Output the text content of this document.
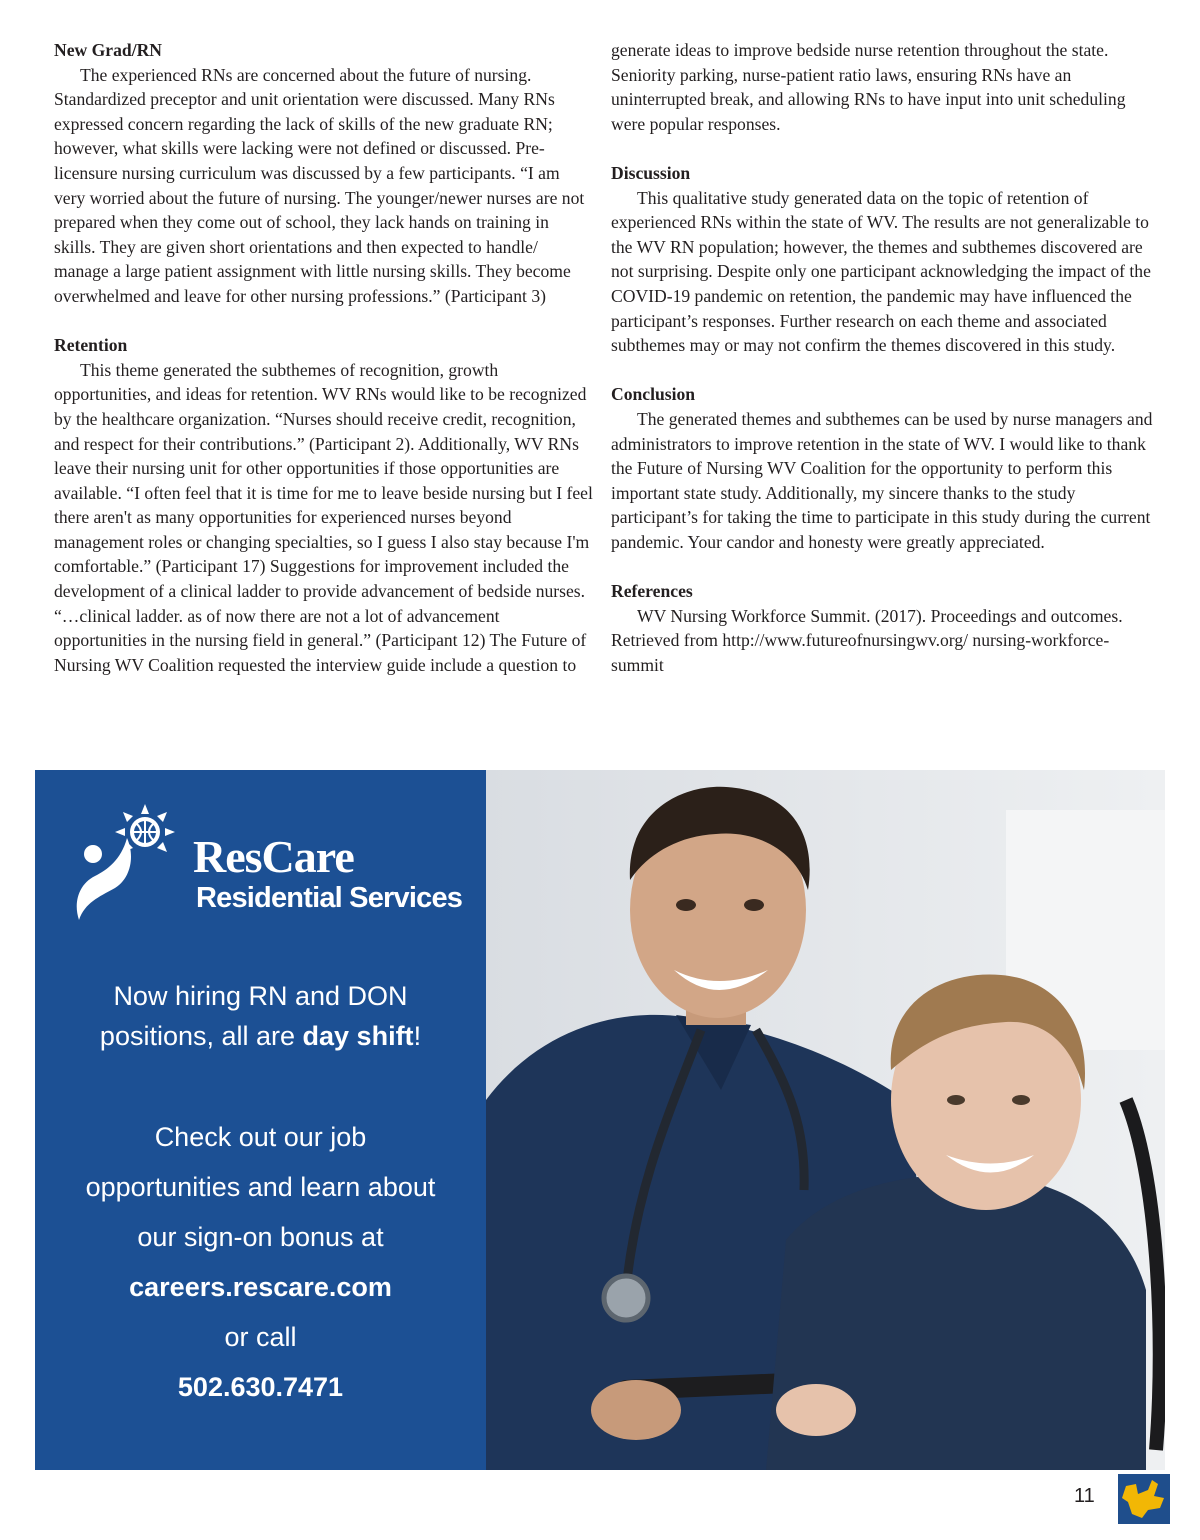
New Grad/RN

The experienced RNs are concerned about the future of nursing. Standardized preceptor and unit orientation were discussed. Many RNs expressed concern regarding the lack of skills of the new graduate RN; however, what skills were lacking were not defined or discussed. Pre-licensure nursing curriculum was discussed by a few participants. “I am very worried about the future of nursing. The younger/newer nurses are not prepared when they come out of school, they lack hands on training in skills. They are given short orientations and then expected to handle/ manage a large patient assignment with little nursing skills. They become overwhelmed and leave for other nursing professions.” (Participant 3)

Retention

This theme generated the subthemes of recognition, growth opportunities, and ideas for retention. WV RNs would like to be recognized by the healthcare organization. “Nurses should receive credit, recognition, and respect for their contributions.” (Participant 2). Additionally, WV RNs leave their nursing unit for other opportunities if those opportunities are available. “I often feel that it is time for me to leave beside nursing but I feel there aren't as many opportunities for experienced nurses beyond management roles or changing specialties, so I guess I also stay because I'm comfortable.” (Participant 17) Suggestions for improvement included the development of a clinical ladder to provide advancement of bedside nurses. “…clinical ladder. as of now there are not a lot of advancement opportunities in the nursing field in general.” (Participant 12) The Future of Nursing WV Coalition requested the interview guide include a question to

generate ideas to improve bedside nurse retention throughout the state. Seniority parking, nurse-patient ratio laws, ensuring RNs have an uninterrupted break, and allowing RNs to have input into unit scheduling were popular responses.

Discussion

This qualitative study generated data on the topic of retention of experienced RNs within the state of WV. The results are not generalizable to the WV RN population; however, the themes and subthemes discovered are not surprising. Despite only one participant acknowledging the impact of the COVID-19 pandemic on retention, the pandemic may have influenced the participant’s responses. Further research on each theme and associated subthemes may or may not confirm the themes discovered in this study.

Conclusion

The generated themes and subthemes can be used by nurse managers and administrators to improve retention in the state of WV. I would like to thank the Future of Nursing WV Coalition for the opportunity to perform this important state study. Additionally, my sincere thanks to the study participant’s for taking the time to participate in this study during the current pandemic. Your candor and honesty were greatly appreciated.

References

WV Nursing Workforce Summit. (2017). Proceedings and outcomes. Retrieved from http://www.futureofnursingwv.org/ nursing-workforce-summit

ResCare
Residential Services
Now hiring RN and DON
positions, all are day shift!
Check out our job
opportunities and learn about
our sign-on bonus at
careers.rescare.com
or call
502.630.7471
11
